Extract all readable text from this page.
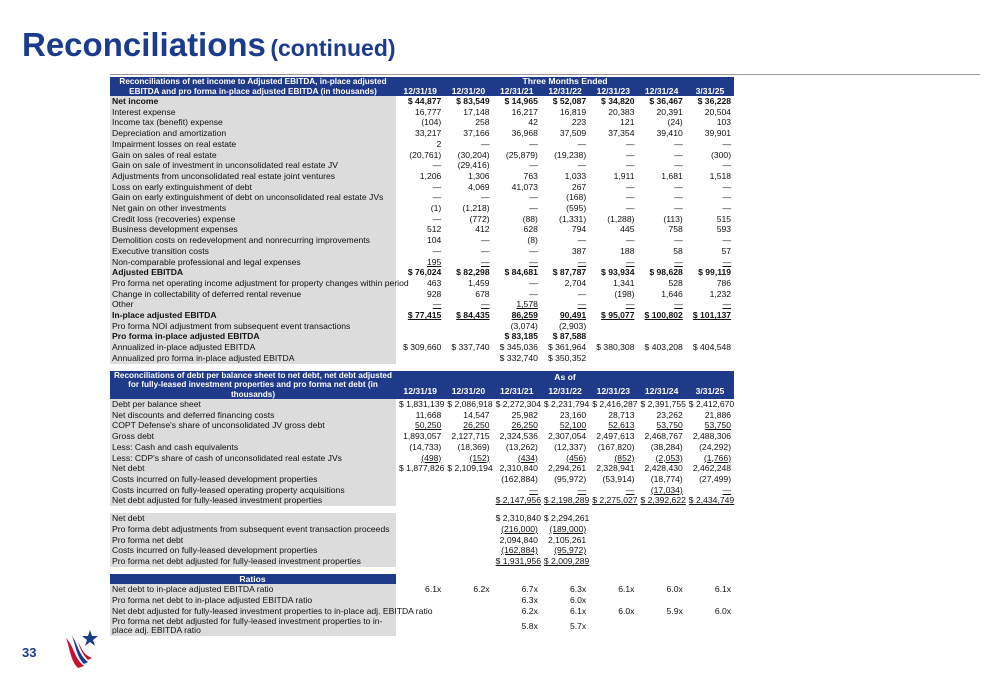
Reconciliations (continued)
Reconciliations of net income to Adjusted EBITDA, in-place adjusted EBITDA and pro forma in-place adjusted EBITDA (in thousands)	Three Months Ended						
	12/31/19	12/31/20	12/31/21	12/31/22	12/31/23	12/31/24	3/31/25
Net income	$ 44,877	$ 83,549	$ 14,965	$ 52,087	$ 34,820	$ 36,467	$ 36,228
Interest expense	16,777	17,148	16,217	16,819	20,383	20,391	20,504
Income tax (benefit) expense	(104)	258	42	223	121	(24)	103
Depreciation and amortization	33,217	37,166	36,968	37,509	37,354	39,410	39,901
Impairment losses on real estate	2	—	—	—	—	—	—
Gain on sales of real estate	(20,761)	(30,204)	(25,879)	(19,238)	—	—	(300)
Gain on sale of investment in unconsolidated real estate JV	—	(29,416)	—	—	—	—	—
Adjustments from unconsolidated real estate joint ventures	1,206	1,306	763	1,033	1,911	1,681	1,518
Loss on early extinguishment of debt	—	4,069	41,073	267	—	—	—
Gain on early extinguishment of debt on unconsolidated real estate JVs	—	—	—	(168)	—	—	—
Net gain on other investments	(1)	(1,218)	—	(595)	—	—	—
Credit loss (recoveries) expense	—	(772)	(88)	(1,331)	(1,288)	(113)	515
Business development expenses	512	412	628	794	445	758	593
Demolition costs on redevelopment and nonrecurring improvements	104	—	(8)	—	—	—	—
Executive transition costs	—	—	—	387	188	58	57
Non-comparable professional and legal expenses	195	—	—	—	—	—	—
Adjusted EBITDA	$ 76,024	$ 82,298	$ 84,681	$ 87,787	$ 93,934	$ 98,628	$ 99,119
Pro forma net operating income adjustment for property changes within period	463	1,459	—	2,704	1,341	528	786
Change in collectability of deferred rental revenue	928	678	—	—	(198)	1,646	1,232
Other	—	—	1,578	—	—	—	—
In-place adjusted EBITDA	$ 77,415	$ 84,435	86,259	90,491	$ 95,077	$ 100,802	$ 101,137
Pro forma NOI adjustment from subsequent event transactions			(3,074)	(2,903)			
Pro forma in-place adjusted EBITDA			$ 83,185	$ 87,588			
Annualized in-place adjusted EBITDA	$ 309,660	$ 337,740	$ 345,036	$ 361,964	$ 380,308	$ 403,208	$ 404,548
Annualized pro forma in-place adjusted EBITDA			$ 332,740	$ 350,352			

Reconciliations of debt per balance sheet to net debt, net debt adjusted for fully-leased investment properties and pro forma net debt (in thousands)	As of						
	12/31/19	12/31/20	12/31/21	12/31/22	12/31/23	12/31/24	3/31/25
Debt per balance sheet	$ 1,831,139	$ 2,086,918	$ 2,272,304	$ 2,231,794	$ 2,416,287	$ 2,391,755	$ 2,412,670
Net discounts and deferred financing costs	11,668	14,547	25,982	23,160	28,713	23,262	21,886
COPT Defense's share of unconsolidated JV gross debt	50,250	26,250	26,250	52,100	52,613	53,750	53,750
Gross debt	1,893,057	2,127,715	2,324,536	2,307,054	2,497,613	2,468,767	2,488,306
Less: Cash and cash equivalents	(14,733)	(18,369)	(13,262)	(12,337)	(167,820)	(38,284)	(24,292)
Less: CDP's share of cash of unconsolidated real estate JVs	(498)	(152)	(434)	(456)	(852)	(2,053)	(1,766)
Net debt	$ 1,877,826	$ 2,109,194	2,310,840	2,294,261	2,328,941	2,428,430	2,462,248
Costs incurred on fully-leased development properties			(162,884)	(95,972)	(53,914)	(18,774)	(27,499)
Costs incurred on fully-leased operating property acquisitions			—	—	—	(17,034)	—
Net debt adjusted for fully-leased investment properties			$ 2,147,956	$ 2,198,289	$ 2,275,027	$ 2,392,622	$ 2,434,749

Net debt			$ 2,310,840	$ 2,294,261			
Pro forma debt adjustments from subsequent event transaction proceeds			(216,000)	(189,000)			
Pro forma net debt			2,094,840	2,105,261			
Costs incurred on fully-leased development properties			(162,884)	(95,972)			
Pro forma net debt adjusted for fully-leased investment properties			$ 1,931,956	$ 2,009,289			

Ratios							
Net debt to in-place adjusted EBITDA ratio	6.1x	6.2x	6.7x	6.3x	6.1x	6.0x	6.1x
Pro forma net debt to in-place adjusted EBITDA ratio			6.3x	6.0x			
Net debt adjusted for fully-leased investment properties to in-place adj. EBITDA ratio			6.2x	6.1x	6.0x	5.9x	6.0x
Pro forma net debt adjusted for fully-leased investment properties to in-place adj. EBITDA ratio			5.8x	5.7x			
33
